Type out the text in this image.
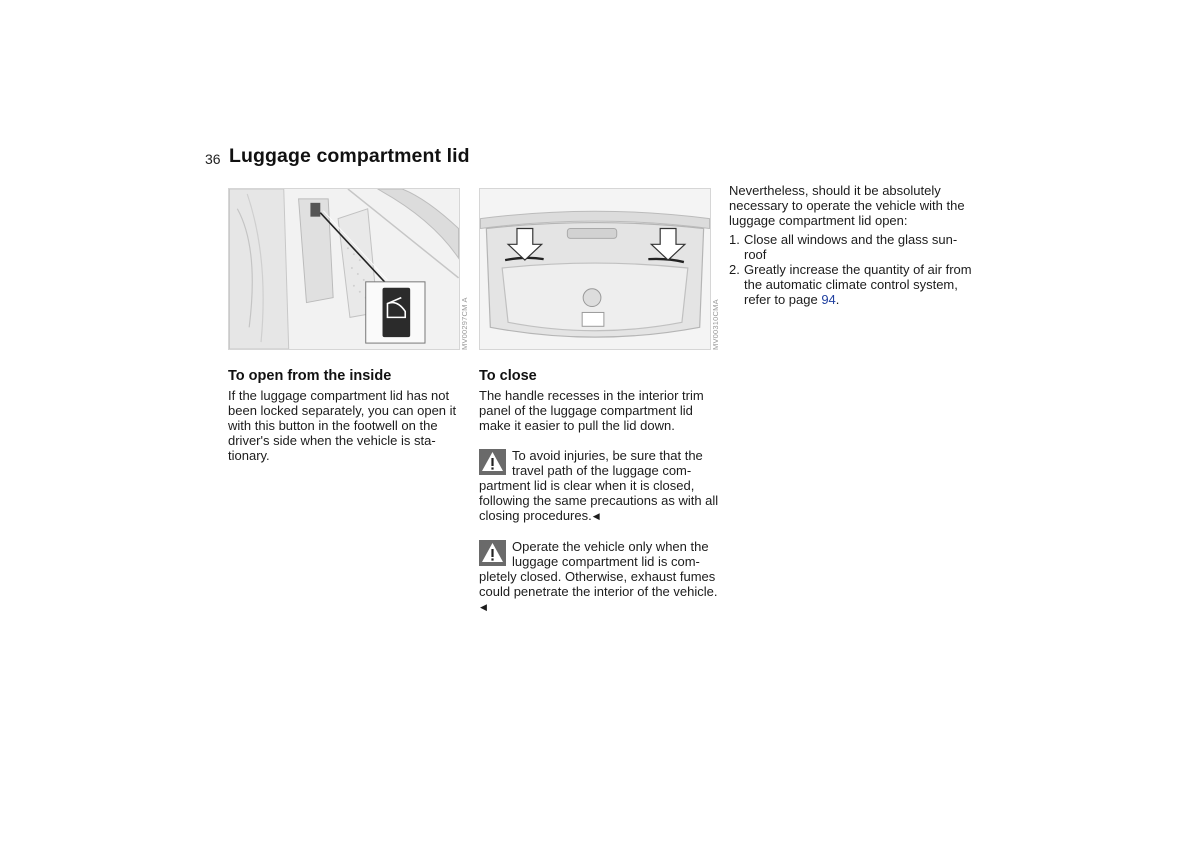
36 Luggage compartment lid
MV00297CM A	MV00310CMA
To open from the inside

If the luggage compartment lid has not been locked separately, you can open it with this button in the footwell on the driver's side when the vehicle is sta-tionary.

To close

The handle recesses in the interior trim panel of the luggage compartment lid make it easier to pull the lid down.

To avoid injuries, be sure that the travel path of the luggage com-partment lid is clear when it is closed, following the same precautions as with all closing procedures.◀
Operate the vehicle only when the luggage compartment lid is com-pletely closed. Otherwise, exhaust fumes could penetrate the interior of the vehicle.◀

Nevertheless, should it be absolutely necessary to operate the vehicle with the luggage compartment lid open:

1. Close all windows and the glass sun-roof
2. Greatly increase the quantity of air from the automatic climate control system, refer to page 94.
